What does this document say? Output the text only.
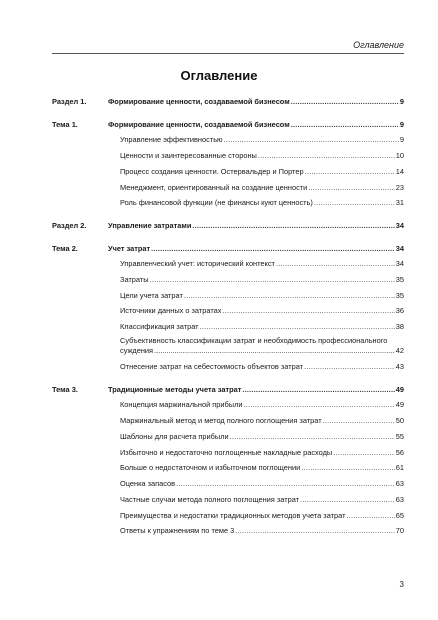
Оглавление
Оглавление
Раздел 1.	Формирование ценности, создаваемой бизнесом .....	9
Тема 1.	Формирование ценности, создаваемой бизнесом .....	9
Управление эффективностью .....	9
Ценности и заинтересованные стороны .....	10
Процесс создания ценности. Остервальдер и Портер .....	14
Менеджмент, ориентированный на создание ценности .....	23
Роль финансовой функции (не финансы куют ценность) .....	31
Раздел 2.	Управление затратами .....	34
Тема 2.	Учет затрат .....	34
Управленческий учет: исторический контекст .....	34
Затраты .....	35
Цели учета затрат .....	35
Источники данных о затратах .....	36
Классификация затрат .....	38
Субъективность классификации затрат и необходимость профессионального
суждения .....	42
Отнесение затрат на себестоимость объектов затрат .....	43
Тема 3.	Традиционные методы учета затрат .....	49
Концепция маржинальной прибыли .....	49
Маржинальный метод и метод полного поглощения затрат .....	50
Шаблоны для расчета прибыли .....	55
Избыточно и недостаточно поглощенные накладные расходы .....	56
Больше о недостаточном и избыточном поглощении .....	61
Оценка запасов .....	63
Частные случаи метода полного поглощения затрат .....	63
Преимущества и недостатки традиционных методов учета затрат .....	65
Ответы к упражнениям по теме 3 .....	70
3
